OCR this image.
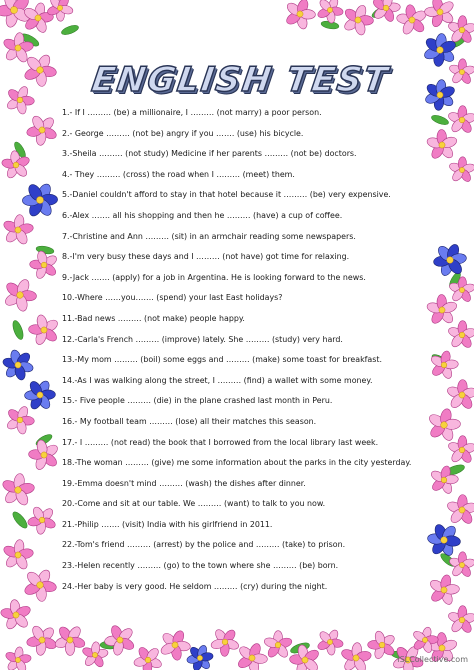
ENGLISH TEST
1.- If I ……… (be) a millionaire, I ……… (not marry) a poor person.
2.- George ……… (not be) angry if you ……. (use) his bicycle.
3.-Sheila ……… (not study) Medicine if her parents ……… (not be) doctors.
4.- They ……… (cross) the road when I ……… (meet) them.
5.-Daniel couldn't afford to stay in that hotel because it ……… (be) very expensive.
6.-Alex ……. all his shopping and then he ……… (have) a cup of coffee.
7.-Christine and Ann ……… (sit) in an armchair reading some newspapers.
8.-I'm very busy these days and I ……… (not have) got time for relaxing.
9.-Jack ……. (apply) for a job in Argentina. He is looking forward to the news.
10.-Where ……you……. (spend) your last East holidays?
11.-Bad news ……… (not make) people happy.
12.-Carla's French ……… (improve) lately. She ……… (study) very hard.
13.-My mom ……… (boil) some eggs and ……… (make) some toast for breakfast.
14.-As I was walking along the street, I ……… (find) a wallet with some money.
15.- Five people ……… (die) in the plane crashed last month in Peru.
16.- My football team ……… (lose) all their matches this season.
17.- I ……… (not read) the book that I borrowed from the local library last week.
18.-The woman ……… (give) me some information about the parks in the city yesterday.
19.-Emma doesn't mind ……… (wash) the dishes after dinner.
20.-Come and sit at our table. We ……… (want) to talk to you now.
21.-Philip ……. (visit) India with his girlfriend in 2011.
22.-Tom's friend ……… (arrest) by the police and ……… (take) to prison.
23.-Helen recently ……… (go) to the town where she ……… (be) born.
24.-Her baby is very good. He seldom ……… (cry) during the night.
iSLCollective.com
